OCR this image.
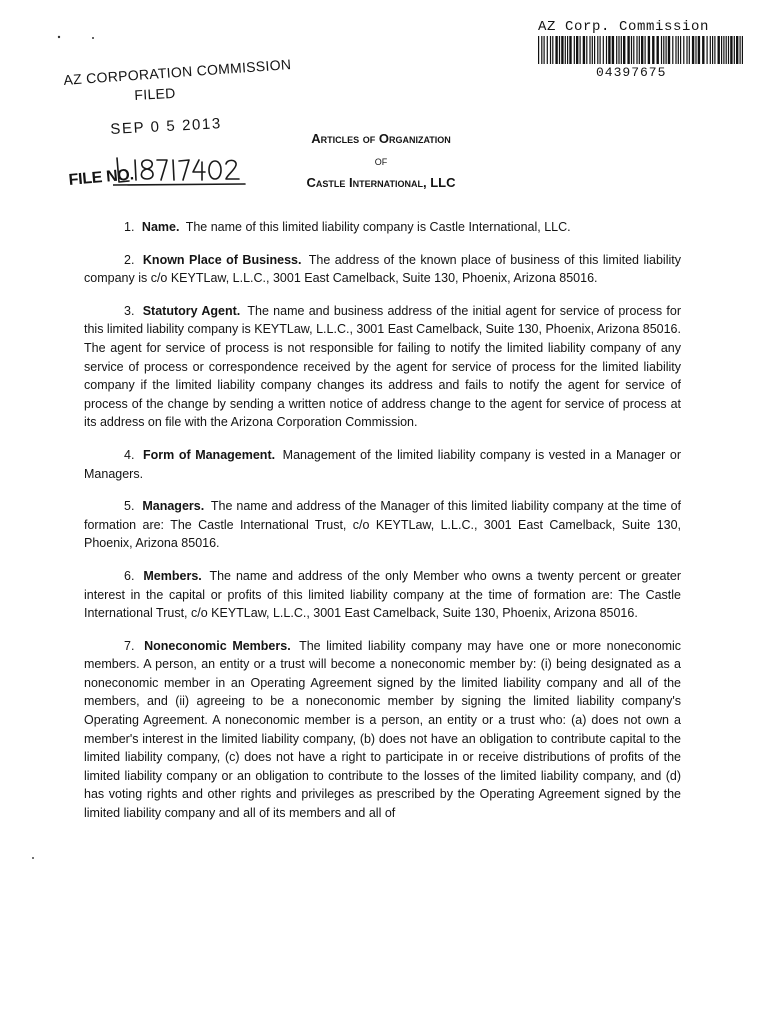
AZ Corp. Commission
04397675
AZ CORPORATION COMMISSION
FILED
SEP 0 5 2013
FILE NO.
Articles of Organization
of
Castle International, LLC

1. Name. The name of this limited liability company is Castle International, LLC.

2. Known Place of Business. The address of the known place of business of this limited liability company is c/o KEYTLaw, L.L.C., 3001 East Camelback, Suite 130, Phoenix, Arizona 85016.

3. Statutory Agent. The name and business address of the initial agent for service of process for this limited liability company is KEYTLaw, L.L.C., 3001 East Camelback, Suite 130, Phoenix, Arizona 85016. The agent for service of process is not responsible for failing to notify the limited liability company of any service of process or correspondence received by the agent for service of process for the limited liability company if the limited liability company changes its address and fails to notify the agent for service of process of the change by sending a written notice of address change to the agent for service of process at its address on file with the Arizona Corporation Commission.

4. Form of Management. Management of the limited liability company is vested in a Manager or Managers.

5. Managers. The name and address of the Manager of this limited liability company at the time of formation are: The Castle International Trust, c/o KEYTLaw, L.L.C., 3001 East Camelback, Suite 130, Phoenix, Arizona 85016.

6. Members. The name and address of the only Member who owns a twenty percent or greater interest in the capital or profits of this limited liability company at the time of formation are: The Castle International Trust, c/o KEYTLaw, L.L.C., 3001 East Camelback, Suite 130, Phoenix, Arizona 85016.

7. Noneconomic Members. The limited liability company may have one or more noneconomic members. A person, an entity or a trust will become a noneconomic member by: (i) being designated as a noneconomic member in an Operating Agreement signed by the limited liability company and all of the members, and (ii) agreeing to be a noneconomic member by signing the limited liability company's Operating Agreement. A noneconomic member is a person, an entity or a trust who: (a) does not own a member's interest in the limited liability company, (b) does not have an obligation to contribute capital to the limited liability company, (c) does not have a right to participate in or receive distributions of profits of the limited liability company or an obligation to contribute to the losses of the limited liability company, and (d) has voting rights and other rights and privileges as prescribed by the Operating Agreement signed by the limited liability company and all of its members and all of
